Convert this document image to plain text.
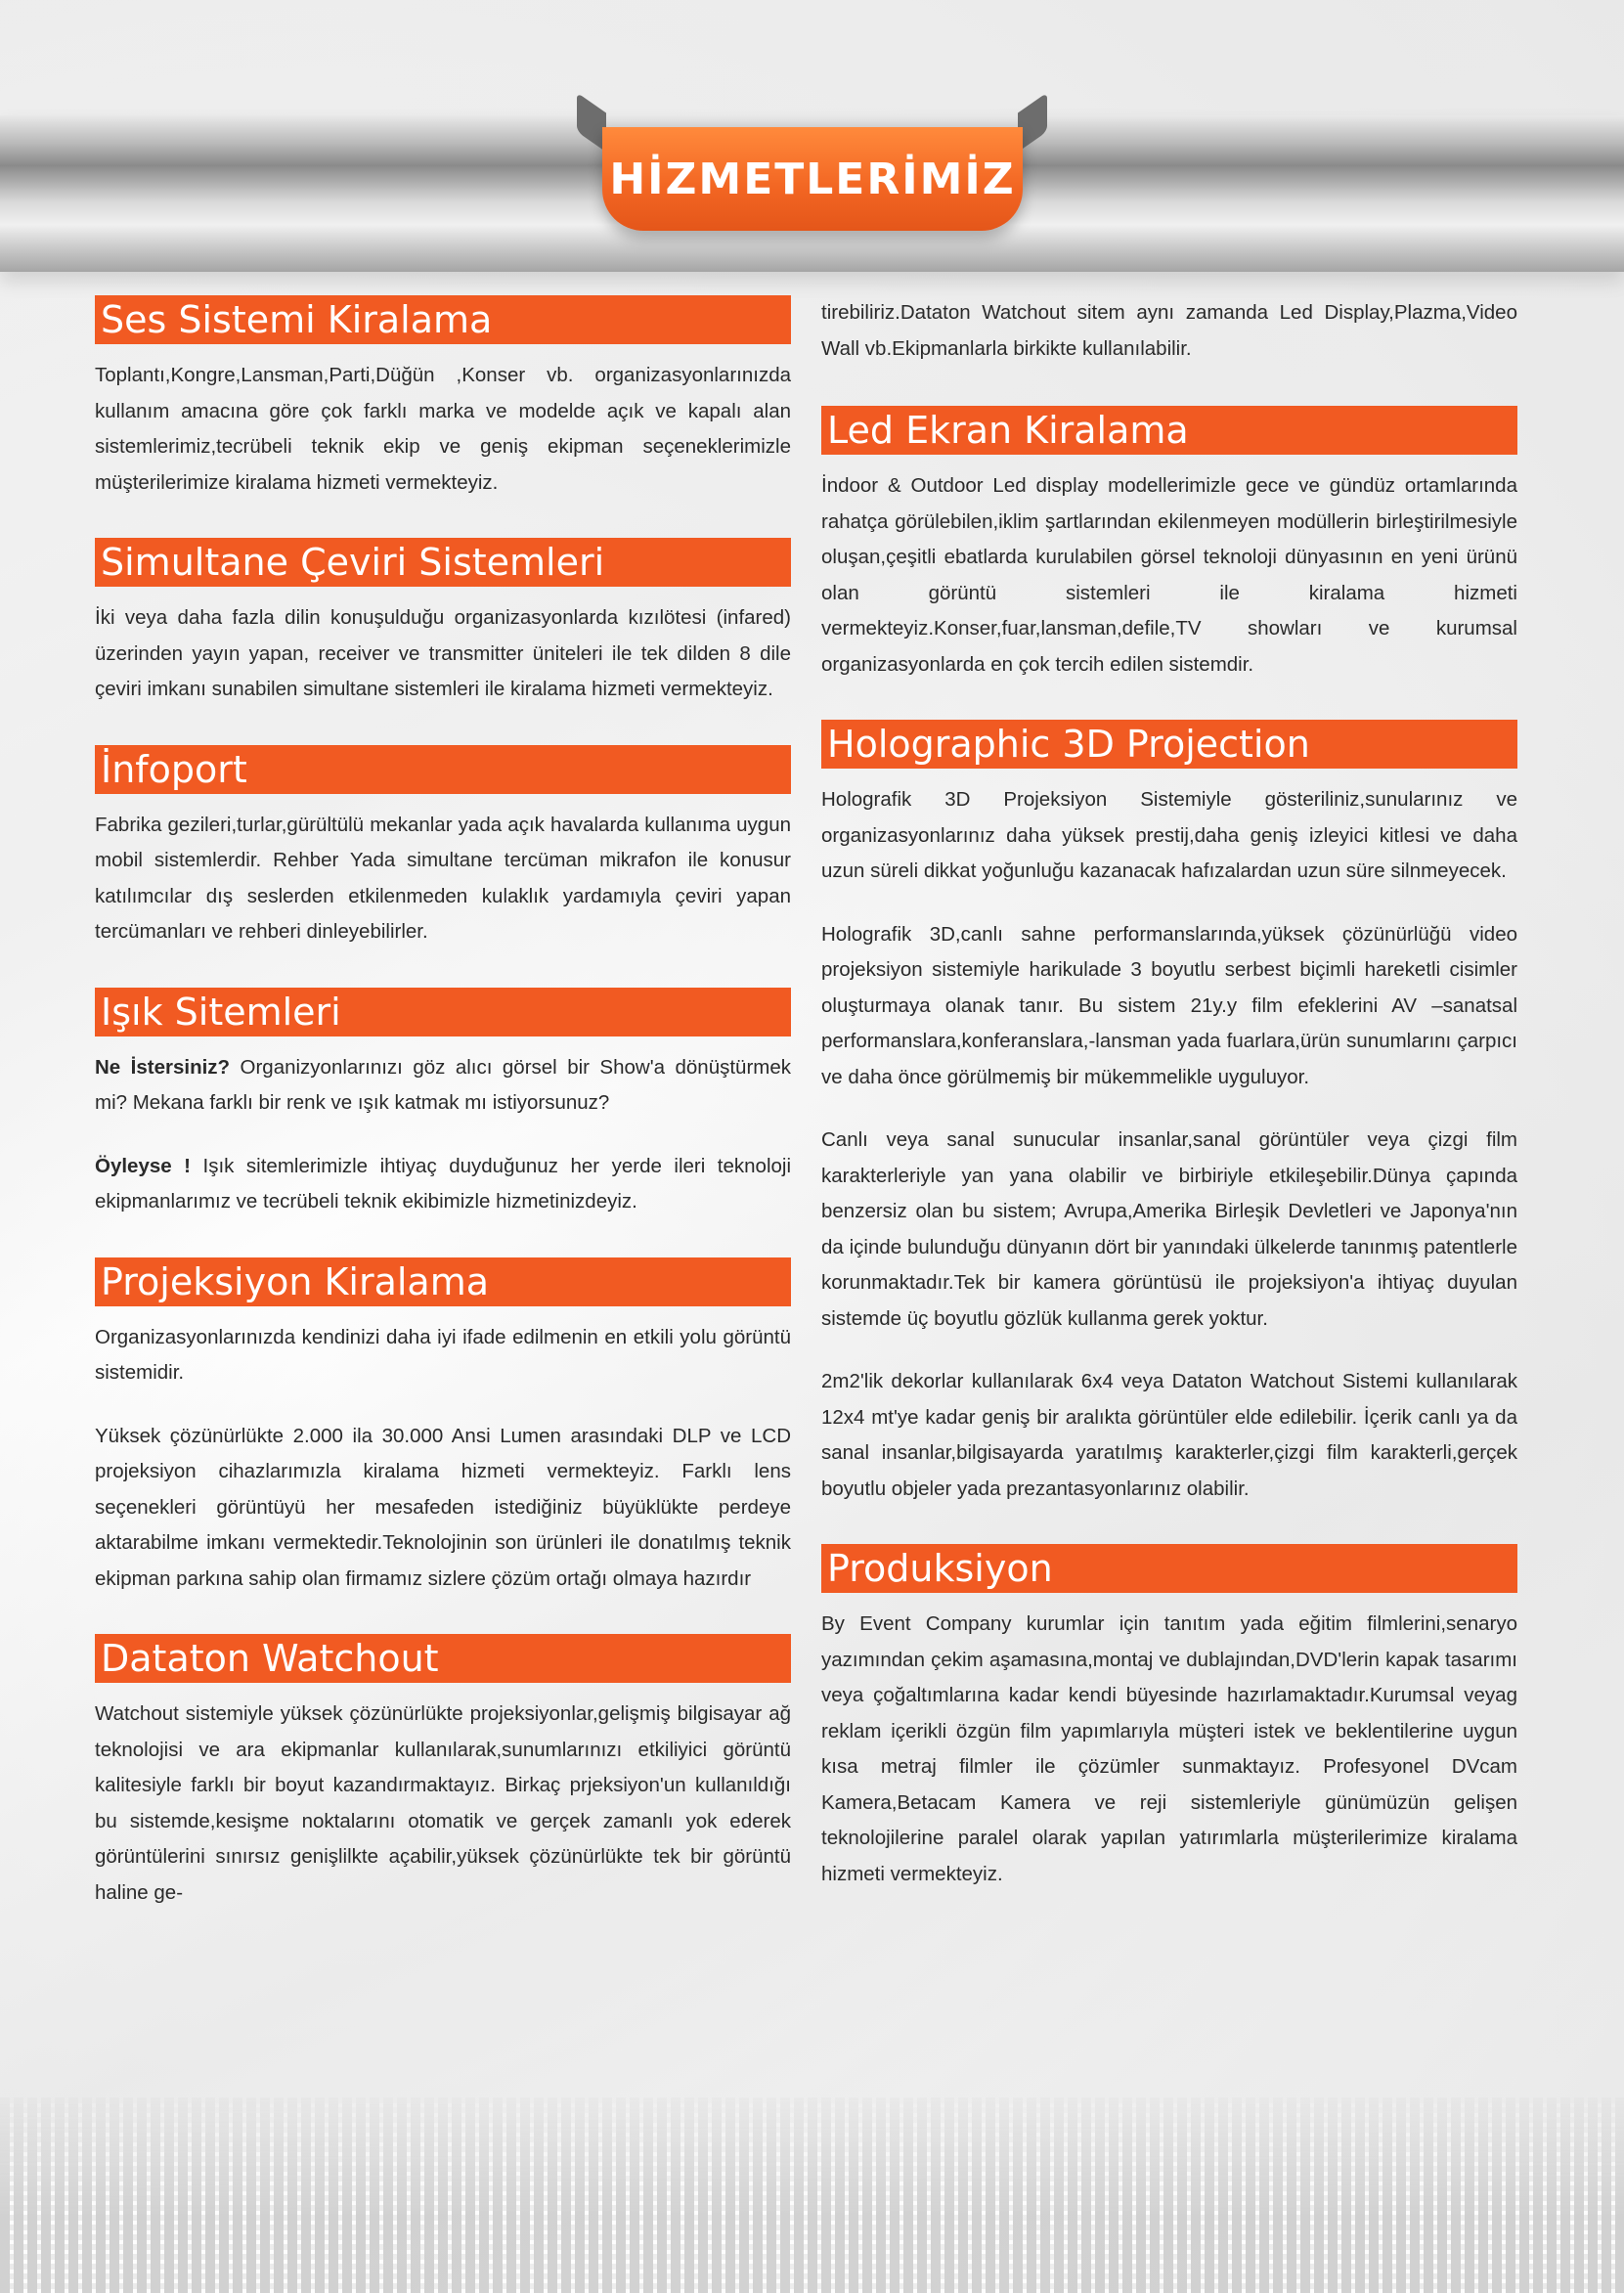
HİZMETLERİMİZ
Ses Sistemi Kiralama

Toplantı,Kongre,Lansman,Parti,Düğün ,Konser vb. organizasyonlarınızda kullanım amacına göre çok farklı marka ve modelde açık ve kapalı alan sistemlerimiz,tecrübeli teknik ekip ve geniş ekipman seçeneklerimizle müşterilerimize kiralama hizmeti vermekteyiz.

Simultane Çeviri Sistemleri

İki veya daha fazla dilin konuşulduğu organizasyonlarda kızılötesi (infared) üzerinden yayın yapan, receiver ve transmitter üniteleri ile tek dilden 8 dile çeviri imkanı sunabilen simultane sistemleri ile kiralama hizmeti vermekteyiz.

İnfoport

Fabrika gezileri,turlar,gürültülü mekanlar yada açık havalarda kullanıma uygun mobil sistemlerdir. Rehber Yada simultane tercüman mikrafon ile konusur katılımcılar dış seslerden etkilenmeden kulaklık yardamıyla çeviri yapan tercümanları ve rehberi dinleyebilirler.

Işık Sitemleri

Ne İstersiniz? Organizyonlarınızı göz alıcı görsel bir Show'a dönüştürmek mi? Mekana farklı bir renk ve ışık katmak mı istiyorsunuz?

Öyleyse ! Işık sitemlerimizle ihtiyaç duyduğunuz her yerde ileri teknoloji ekipmanlarımız ve tecrübeli teknik ekibimizle hizmetinizdeyiz.

Projeksiyon Kiralama

Organizasyonlarınızda kendinizi daha iyi ifade edilmenin en etkili yolu görüntü sistemidir.

Yüksek çözünürlükte 2.000 ila 30.000 Ansi Lumen arasındaki DLP ve LCD projeksiyon cihazlarımızla kiralama hizmeti vermekteyiz. Farklı lens seçenekleri görüntüyü her mesafeden istediğiniz büyüklükte perdeye aktarabilme imkanı vermektedir.Teknolojinin son ürünleri ile donatılmış teknik ekipman parkına sahip olan firmamız sizlere çözüm ortağı olmaya hazırdır

Dataton Watchout

Watchout sistemiyle yüksek çözünürlükte projeksiyonlar,gelişmiş bilgisayar ağ teknolojisi ve ara ekipmanlar kullanılarak,sunumlarınızı etkiliyici görüntü kalitesiyle farklı bir boyut kazandırmaktayız. Birkaç prjeksiyon'un kullanıldığı bu sistemde,kesişme noktalarını otomatik ve gerçek zamanlı yok ederek görüntülerini sınırsız genişlilkte açabilir,yüksek çözünürlükte tek bir görüntü haline ge-

tirebiliriz.Dataton Watchout sitem aynı zamanda Led Display,Plazma,Video Wall vb.Ekipmanlarla birkikte kullanılabilir.

Led Ekran Kiralama

İndoor & Outdoor Led display modellerimizle gece ve gündüz ortamlarında rahatça görülebilen,iklim şartlarından ekilenmeyen modüllerin birleştirilmesiyle oluşan,çeşitli ebatlarda kurulabilen görsel teknoloji dünyasının en yeni ürünü olan görüntü sistemleri ile kiralama hizmeti vermekteyiz.Konser,fuar,lansman,defile,TV showları ve kurumsal organizasyonlarda en çok tercih edilen sistemdir.

Holographic 3D Projection

Holografik 3D Projeksiyon Sistemiyle gösteriliniz,sunularınız ve organizasyonlarınız daha yüksek prestij,daha geniş izleyici kitlesi ve daha uzun süreli dikkat yoğunluğu kazanacak hafızalardan uzun süre silnmeyecek.

Holografik 3D,canlı sahne performanslarında,yüksek çözünürlüğü video projeksiyon sistemiyle harikulade 3 boyutlu serbest biçimli hareketli cisimler oluşturmaya olanak tanır. Bu sistem 21y.y film efeklerini AV –sanatsal performanslara,konferanslara,-lansman yada fuarlara,ürün sunumlarını çarpıcı ve daha önce görülmemiş bir mükemmelikle uyguluyor.

Canlı veya sanal sunucular insanlar,sanal görüntüler veya çizgi film karakterleriyle yan yana olabilir ve birbiriyle etkileşebilir.Dünya çapında benzersiz olan bu sistem; Avrupa,Amerika Birleşik Devletleri ve Japonya'nın da içinde bulunduğu dünyanın dört bir yanındaki ülkelerde tanınmış patentlerle korunmaktadır.Tek bir kamera görüntüsü ile projeksiyon'a ihtiyaç duyulan sistemde üç boyutlu gözlük kullanma gerek yoktur.

2m2'lik dekorlar kullanılarak 6x4 veya Dataton Watchout Sistemi kullanılarak 12x4 mt'ye kadar geniş bir aralıkta görüntüler elde edilebilir. İçerik canlı ya da sanal insanlar,bilgisayarda yaratılmış karakterler,çizgi film karakterli,gerçek boyutlu objeler yada prezantasyonlarınız olabilir.

Produksiyon

By Event Company kurumlar için tanıtım yada eğitim filmlerini,senaryo yazımından çekim aşamasına,montaj ve dublajından,DVD'lerin kapak tasarımı veya çoğaltımlarına kadar kendi büyesinde hazırlamaktadır.Kurumsal veyag reklam içerikli özgün film yapımlarıyla müşteri istek ve beklentilerine uygun kısa metraj filmler ile çözümler sunmaktayız. Profesyonel DVcam Kamera,Betacam Kamera ve reji sistemleriyle günümüzün gelişen teknolojilerine paralel olarak yapılan yatırımlarla müşterilerimize kiralama hizmeti vermekteyiz.
